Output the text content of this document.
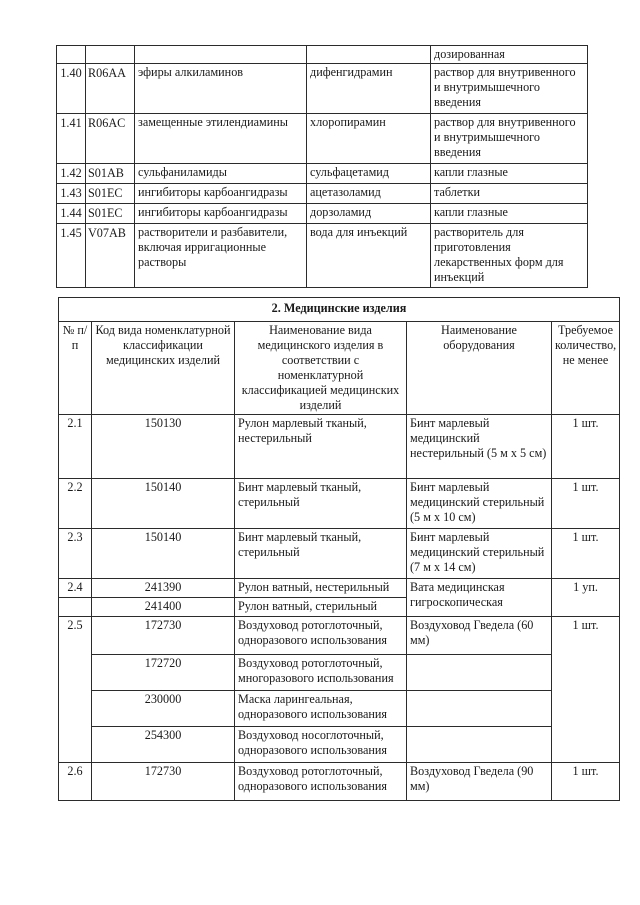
				дозированная
1.40	R06AA	эфиры алкиламинов	дифенгидрамин	раствор для внутривенного и внутримышечного введения
1.41	R06AC	замещенные этилендиамины	хлоропирамин	раствор для внутривенного и внутримышечного введения
1.42	S01AB	сульфаниламиды	сульфацетамид	капли глазные
1.43	S01EC	ингибиторы карбоангидразы	ацетазоламид	таблетки
1.44	S01EC	ингибиторы карбоангидразы	дорзоламид	капли глазные
1.45	V07AB	растворители и разбавители, включая ирригационные растворы	вода для инъекций	растворитель для приготовления лекарственных форм для инъекций
2. Медицинские изделия				
№ п/п	Код вида номенклатурной классификации медицинских изделий	Наименование вида медицинского изделия в соответствии с номенклатурной классификацией медицинских изделий	Наименование оборудования	Требуемое количество, не менее
2.1	150130	Рулон марлевый тканый, нестерильный	Бинт марлевый медицинский нестерильный (5 м х 5 см)	1 шт.
2.2	150140	Бинт марлевый тканый, стерильный	Бинт марлевый медицинский стерильный (5 м х 10 см)	1 шт.
2.3	150140	Бинт марлевый тканый, стерильный	Бинт марлевый медицинский стерильный (7 м х 14 см)	1 шт.
2.4	241390	Рулон ватный, нестерильный	Вата медицинская гигроскопическая	1 уп.
	241400	Рулон ватный, стерильный		
2.5	172730	Воздуховод ротоглоточный, одноразового использования	Воздуховод Гведела (60 мм)	1 шт.
	172720	Воздуховод ротоглоточный, многоразового использования		
	230000	Маска ларингеальная, одноразового использования		
	254300	Воздуховод носоглоточный, одноразового использования		
2.6	172730	Воздуховод ротоглоточный, одноразового использования	Воздуховод Гведела (90 мм)	1 шт.
